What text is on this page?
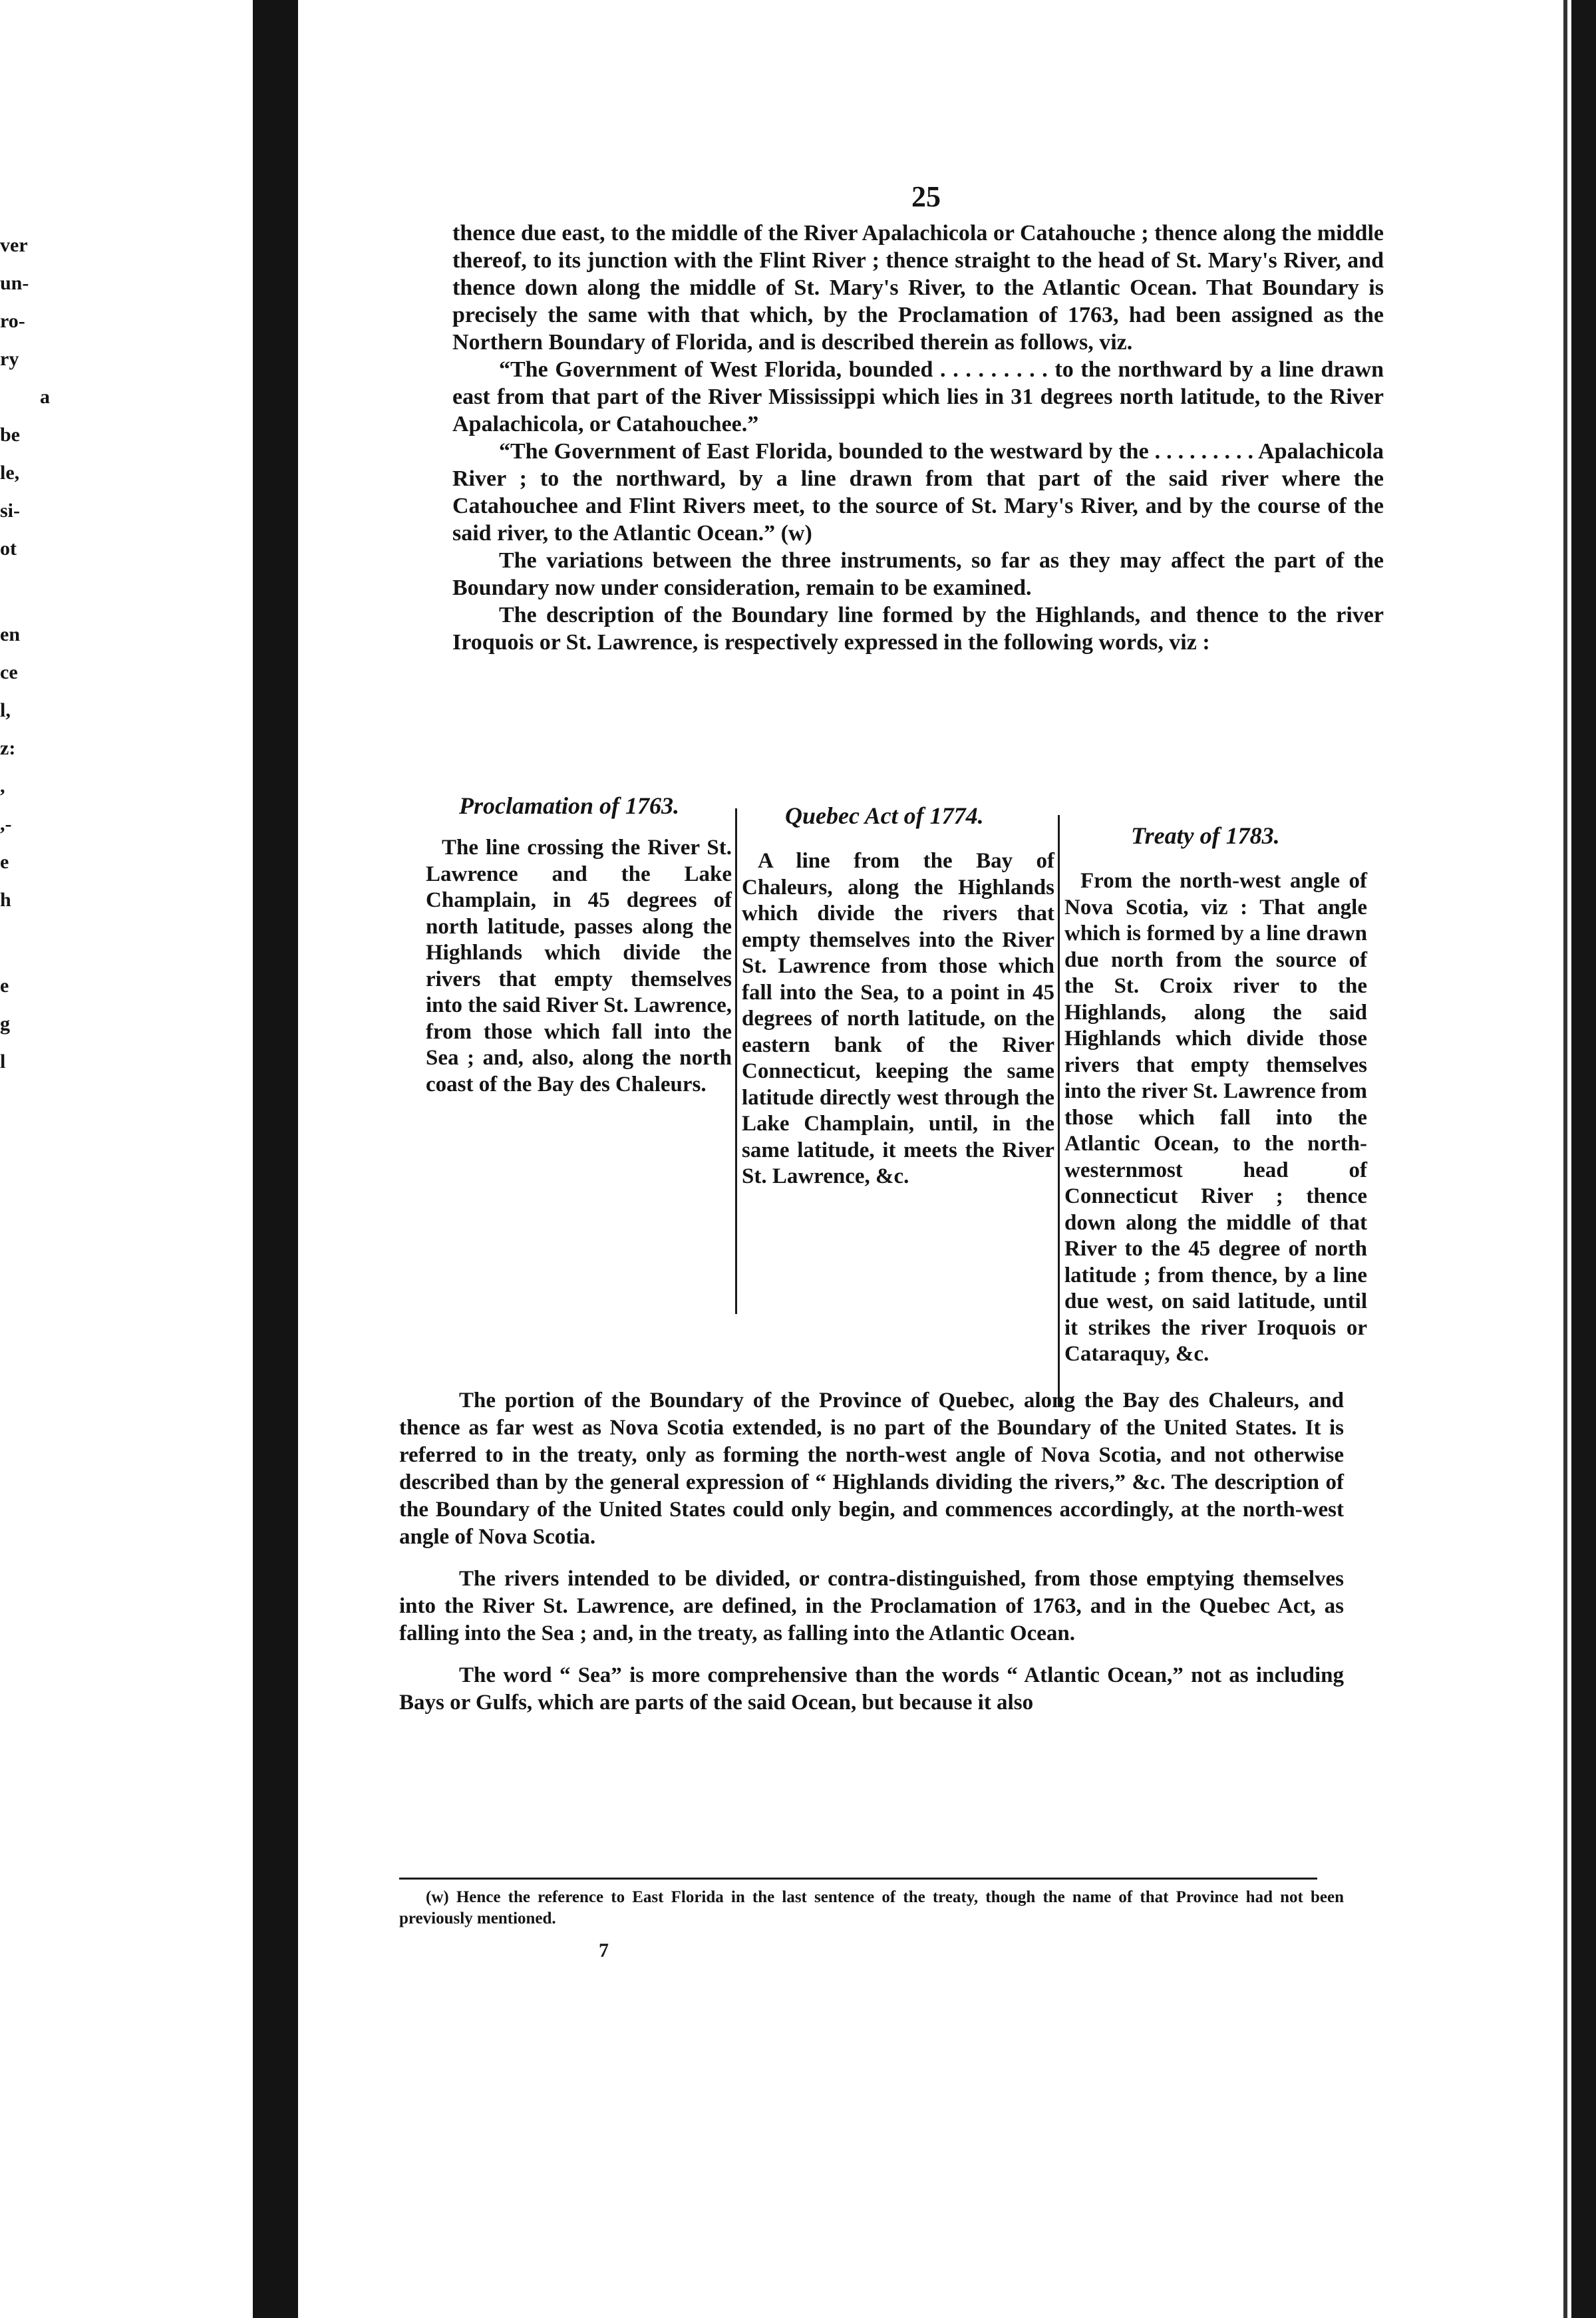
ver
un-
ro-
ry
a
be
le,
si-
ot
en
ce
l,
z:
,
,-
e
h
e
g
l
25

thence due east, to the middle of the River Apalachicola or Catahouche ; thence along the middle thereof, to its junction with the Flint River ; thence straight to the head of St. Mary's River, and thence down along the middle of St. Mary's River, to the Atlantic Ocean. That Boundary is precisely the same with that which, by the Proclamation of 1763, had been assigned as the Northern Boundary of Florida, and is described therein as follows, viz.

“The Government of West Florida, bounded . . . . . . . . . to the northward by a line drawn east from that part of the River Mississippi which lies in 31 degrees north latitude, to the River Apalachicola, or Catahouchee.”

“The Government of East Florida, bounded to the westward by the . . . . . . . . . Apalachicola River ; to the northward, by a line drawn from that part of the said river where the Catahouchee and Flint Rivers meet, to the source of St. Mary's River, and by the course of the said river, to the Atlantic Ocean.” (w)

The variations between the three instruments, so far as they may affect the part of the Boundary now under consideration, remain to be examined.

The description of the Boundary line formed by the Highlands, and thence to the river Iroquois or St. Lawrence, is respectively expressed in the following words, viz :

Proclamation of 1763.

The line crossing the River St. Lawrence and the Lake Champlain, in 45 degrees of north latitude, passes along the Highlands which divide the rivers that empty themselves into the said River St. Lawrence, from those which fall into the Sea ; and, also, along the north coast of the Bay des Chaleurs.

Quebec Act of 1774.

A line from the Bay of Chaleurs, along the Highlands which divide the rivers that empty themselves into the River St. Lawrence from those which fall into the Sea, to a point in 45 degrees of north latitude, on the eastern bank of the River Connecticut, keeping the same latitude directly west through the Lake Champlain, until, in the same latitude, it meets the River St. Lawrence, &c.

Treaty of 1783.

From the north-west angle of Nova Scotia, viz : That angle which is formed by a line drawn due north from the source of the St. Croix river to the Highlands, along the said Highlands which divide those rivers that empty themselves into the river St. Lawrence from those which fall into the Atlantic Ocean, to the north-westernmost head of Connecticut River ; thence down along the middle of that River to the 45 degree of north latitude ; from thence, by a line due west, on said latitude, until it strikes the river Iroquois or Cataraquy, &c.

The portion of the Boundary of the Province of Quebec, along the Bay des Chaleurs, and thence as far west as Nova Scotia extended, is no part of the Boundary of the United States. It is referred to in the treaty, only as forming the north-west angle of Nova Scotia, and not otherwise described than by the general expression of “ Highlands dividing the rivers,” &c. The description of the Boundary of the United States could only begin, and commences accordingly, at the north-west angle of Nova Scotia.

The rivers intended to be divided, or contra-distinguished, from those emptying themselves into the River St. Lawrence, are defined, in the Proclamation of 1763, and in the Quebec Act, as falling into the Sea ; and, in the treaty, as falling into the Atlantic Ocean.

The word “ Sea” is more comprehensive than the words “ Atlantic Ocean,” not as including Bays or Gulfs, which are parts of the said Ocean, but because it also

(w) Hence the reference to East Florida in the last sentence of the treaty, though the name of that Province had not been previously mentioned.

7
